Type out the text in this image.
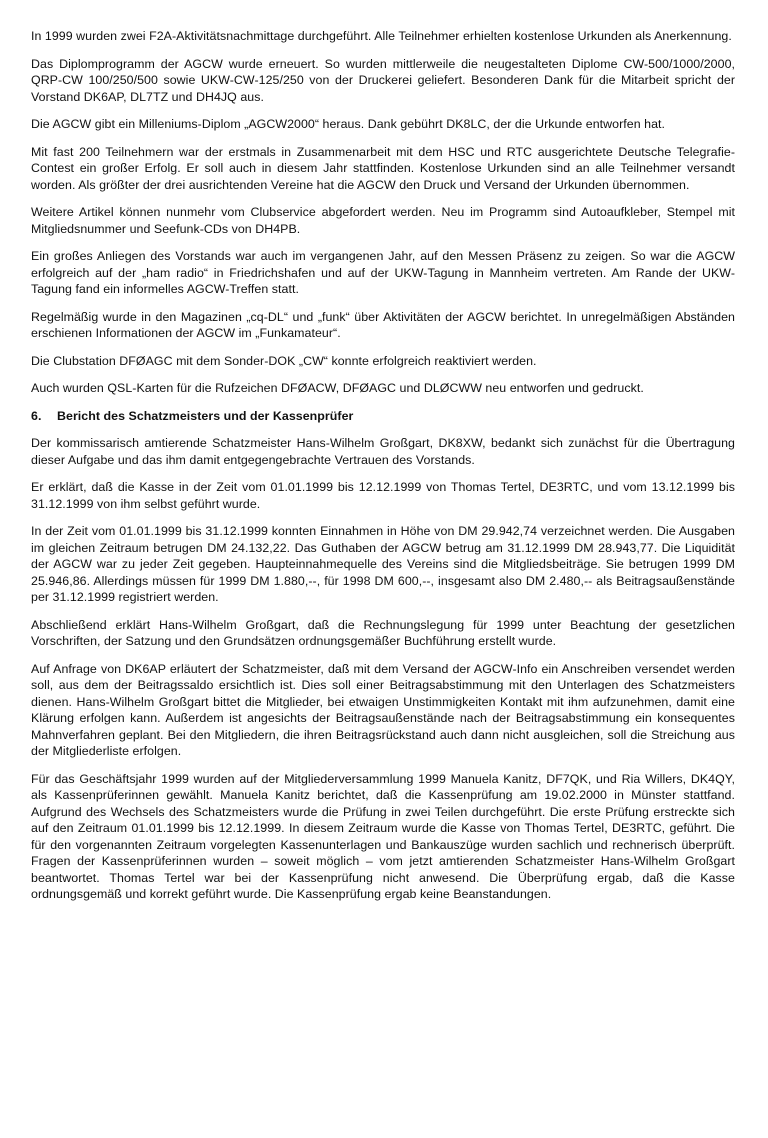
In 1999 wurden zwei F2A-Aktivitätsnachmittage durchgeführt. Alle Teilnehmer erhielten kostenlose Urkunden als Anerkennung.

Das Diplomprogramm der AGCW wurde erneuert. So wurden mittlerweile die neugestalteten Diplome CW-500/1000/2000, QRP-CW 100/250/500 sowie UKW-CW-125/250 von der Druckerei geliefert. Besonderen Dank für die Mitarbeit spricht der Vorstand DK6AP, DL7TZ und DH4JQ aus.

Die AGCW gibt ein Milleniums-Diplom „AGCW2000“ heraus. Dank gebührt DK8LC, der die Urkunde entworfen hat.

Mit fast 200 Teilnehmern war der erstmals in Zusammenarbeit mit dem HSC und RTC ausgerichtete Deutsche Telegrafie-Contest ein großer Erfolg. Er soll auch in diesem Jahr stattfinden. Kostenlose Urkunden sind an alle Teilnehmer versandt worden. Als größter der drei ausrichtenden Vereine hat die AGCW den Druck und Versand der Urkunden übernommen.

Weitere Artikel können nunmehr vom Clubservice abgefordert werden. Neu im Programm sind Autoaufkleber, Stempel mit Mitgliedsnummer und Seefunk-CDs von DH4PB.

Ein großes Anliegen des Vorstands war auch im vergangenen Jahr, auf den Messen Präsenz zu zeigen. So war die AGCW erfolgreich auf der „ham radio“ in Friedrichshafen und auf der UKW-Tagung in Mannheim vertreten. Am Rande der UKW-Tagung fand ein informelles AGCW-Treffen statt.

Regelmäßig wurde in den Magazinen „cq-DL“ und „funk“ über Aktivitäten der AGCW berichtet. In unregelmäßigen Abständen erschienen Informationen der AGCW im „Funkamateur“.

Die Clubstation DFØAGC mit dem Sonder-DOK „CW“ konnte erfolgreich reaktiviert werden.

Auch wurden QSL-Karten für die Rufzeichen DFØACW, DFØAGC und DLØCWW neu entworfen und gedruckt.

6.	Bericht des Schatzmeisters und der Kassenprüfer

Der kommissarisch amtierende Schatzmeister Hans-Wilhelm Großgart, DK8XW, bedankt sich zunächst für die Übertragung dieser Aufgabe und das ihm damit entgegengebrachte Vertrauen des Vorstands.

Er erklärt, daß die Kasse in der Zeit vom 01.01.1999 bis 12.12.1999 von Thomas Tertel, DE3RTC, und vom 13.12.1999 bis 31.12.1999 von ihm selbst geführt wurde.

In der Zeit vom 01.01.1999 bis 31.12.1999 konnten Einnahmen in Höhe von DM 29.942,74 verzeichnet werden. Die Ausgaben im gleichen Zeitraum betrugen DM 24.132,22. Das Guthaben der AGCW betrug am 31.12.1999 DM 28.943,77. Die Liquidität der AGCW war zu jeder Zeit gegeben. Haupteinnahmequelle des Vereins sind die Mitgliedsbeiträge. Sie betrugen 1999 DM 25.946,86. Allerdings müssen für 1999 DM 1.880,--, für 1998 DM 600,--, insgesamt also DM 2.480,-- als Beitragsaußenstände per 31.12.1999 registriert werden.

Abschließend erklärt Hans-Wilhelm Großgart, daß die Rechnungslegung für 1999 unter Beachtung der gesetzlichen Vorschriften, der Satzung und den Grundsätzen ordnungsgemäßer Buchführung erstellt wurde.

Auf Anfrage von DK6AP erläutert der Schatzmeister, daß mit dem Versand der AGCW-Info ein Anschreiben versendet werden soll, aus dem der Beitragssaldo ersichtlich ist. Dies soll einer Beitragsabstimmung mit den Unterlagen des Schatzmeisters dienen. Hans-Wilhelm Großgart bittet die Mitglieder, bei etwaigen Unstimmigkeiten Kontakt mit ihm aufzunehmen, damit eine Klärung erfolgen kann. Außerdem ist angesichts der Beitragsaußenstände nach der Beitragsabstimmung ein konsequentes Mahnverfahren geplant. Bei den Mitgliedern, die ihren Beitragsrückstand auch dann nicht ausgleichen, soll die Streichung aus der Mitgliederliste erfolgen.

Für das Geschäftsjahr 1999 wurden auf der Mitgliederversammlung 1999 Manuela Kanitz, DF7QK, und Ria Willers, DK4QY, als Kassenprüferinnen gewählt. Manuela Kanitz berichtet, daß die Kassenprüfung am 19.02.2000 in Münster stattfand. Aufgrund des Wechsels des Schatzmeisters wurde die Prüfung in zwei Teilen durchgeführt. Die erste Prüfung erstreckte sich auf den Zeitraum 01.01.1999 bis 12.12.1999. In diesem Zeitraum wurde die Kasse von Thomas Tertel, DE3RTC, geführt. Die für den vorgenannten Zeitraum vorgelegten Kassenunterlagen und Bankauszüge wurden sachlich und rechnerisch überprüft. Fragen der Kassenprüferinnen wurden – soweit möglich – vom jetzt amtierenden Schatzmeister Hans-Wilhelm Großgart beantwortet. Thomas Tertel war bei der Kassenprüfung nicht anwesend. Die Überprüfung ergab, daß die Kasse ordnungsgemäß und korrekt geführt wurde. Die Kassenprüfung ergab keine Beanstandungen.
